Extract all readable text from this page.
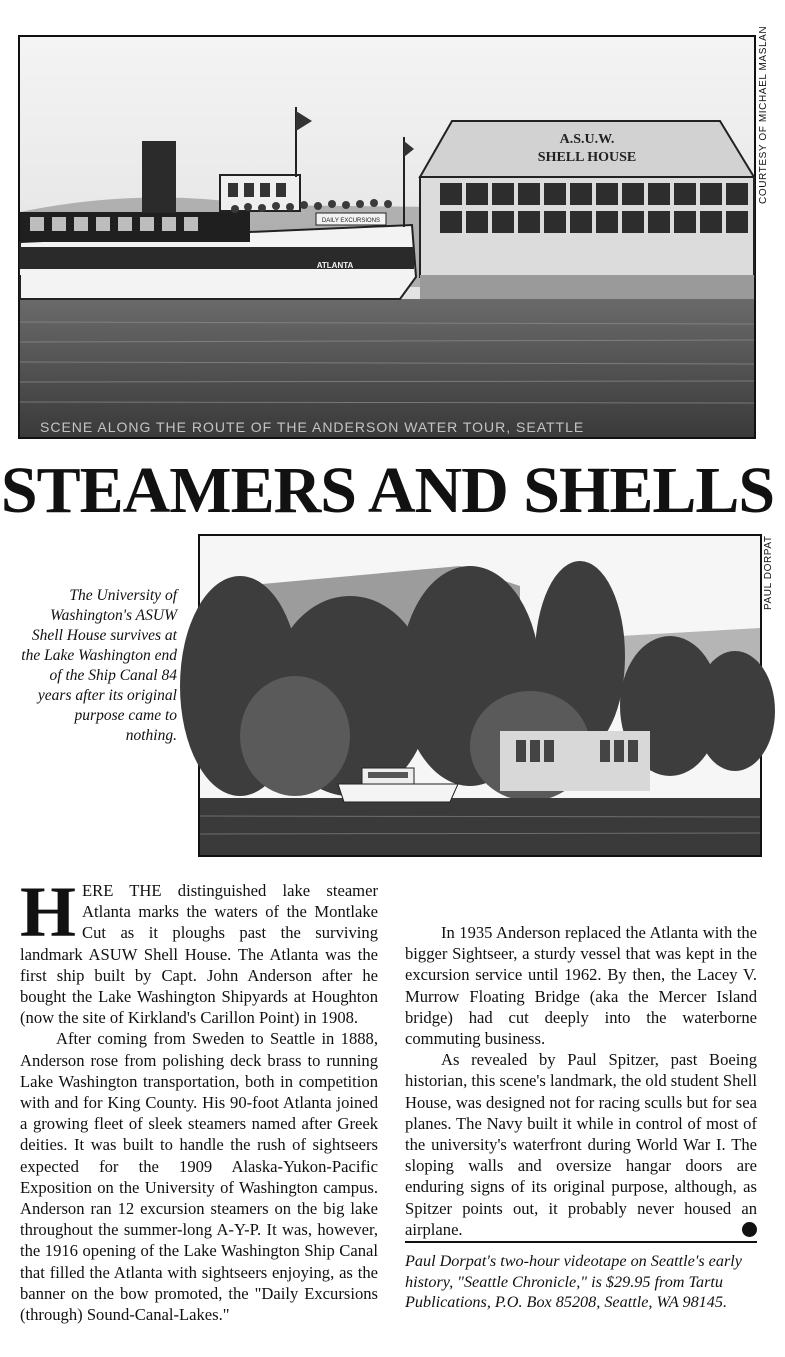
DAILY EXCURSIONS
ATLANTA
A.S.U.W.
SHELL HOUSE
SCENE ALONG THE ROUTE OF THE ANDERSON WATER TOUR, SEATTLE
COURTESY OF MICHAEL MASLAN
STEAMERS AND SHELLS
PAUL DORPAT

The University of Washington's ASUW Shell House survives at the Lake Washington end of the Ship Canal 84 years after its original purpose came to nothing.

HERE THE distinguished lake steamer Atlanta marks the waters of the Montlake Cut as it ploughs past the surviving landmark ASUW Shell House. The Atlanta was the first ship built by Capt. John Anderson after he bought the Lake Washington Shipyards at Houghton (now the site of Kirkland's Carillon Point) in 1908.

After coming from Sweden to Seattle in 1888, Anderson rose from polishing deck brass to running Lake Washington transportation, both in competition with and for King County. His 90-foot Atlanta joined a growing fleet of sleek steamers named after Greek deities. It was built to handle the rush of sightseers expected for the 1909 Alaska-Yukon-Pacific Exposition on the University of Washington campus. Anderson ran 12 excursion steamers on the big lake throughout the summer-long A-Y-P. It was, however, the 1916 opening of the Lake Washington Ship Canal that filled the Atlanta with sightseers enjoying, as the banner on the bow promoted, the "Daily Excursions (through) Sound-Canal-Lakes."

In 1935 Anderson replaced the Atlanta with the bigger Sightseer, a sturdy vessel that was kept in the excursion service until 1962. By then, the Lacey V. Murrow Floating Bridge (aka the Mercer Island bridge) had cut deeply into the waterborne commuting business.

As revealed by Paul Spitzer, past Boeing historian, this scene's landmark, the old student Shell House, was designed not for racing sculls but for sea planes. The Navy built it while in control of most of the university's waterfront during World War I. The sloping walls and oversize hangar doors are enduring signs of its original purpose, although, as Spitzer points out, it probably never housed an airplane.	P

Paul Dorpat's two-hour videotape on Seattle's early history, "Seattle Chronicle," is $29.95 from Tartu Publications, P.O. Box 85208, Seattle, WA 98145.
